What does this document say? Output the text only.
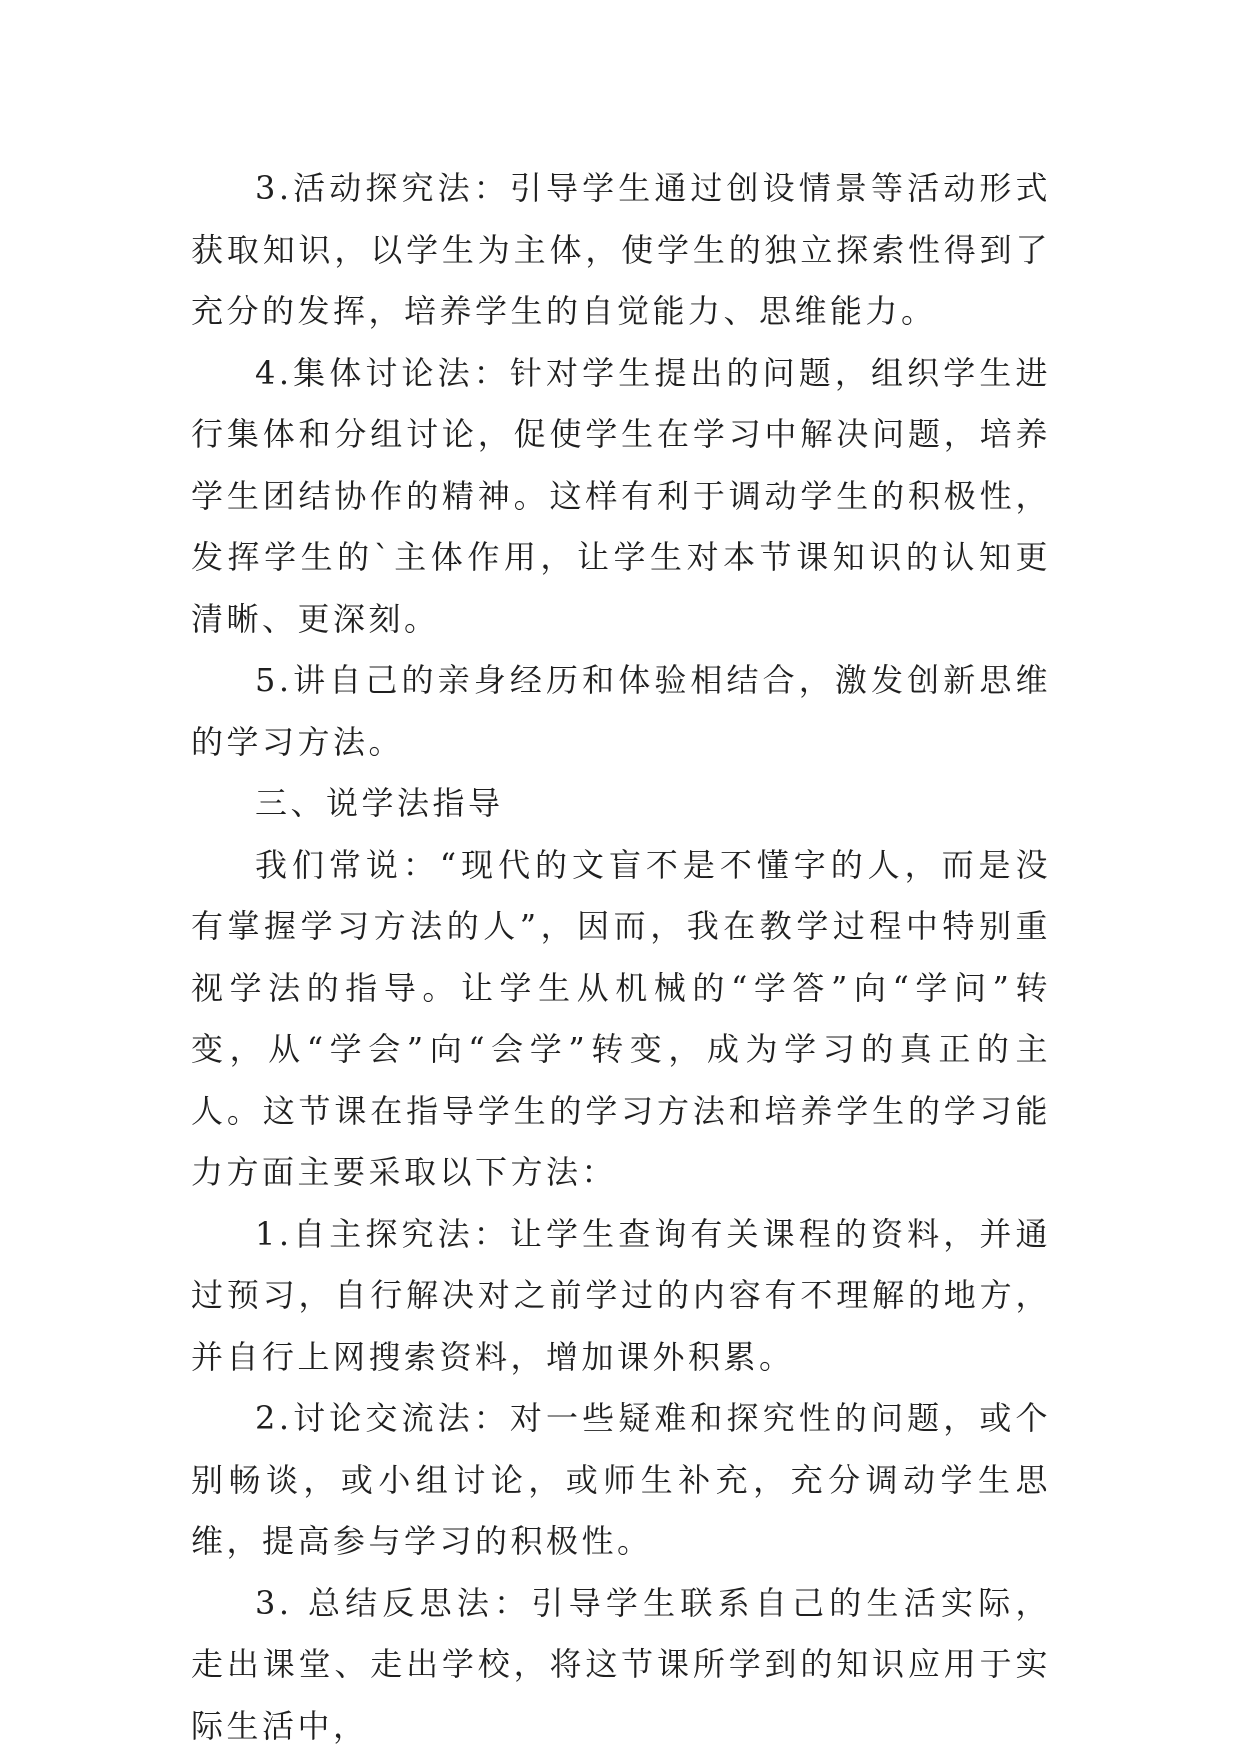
3.活动探究法：引导学生通过创设情景等活动形式获取知识，以学生为主体，使学生的独立探索性得到了充分的发挥，培养学生的自觉能力、思维能力。

4.集体讨论法：针对学生提出的问题，组织学生进行集体和分组讨论，促使学生在学习中解决问题，培养学生团结协作的精神。这样有利于调动学生的积极性，发挥学生的`主体作用，让学生对本节课知识的认知更清晰、更深刻。

5.讲自己的亲身经历和体验相结合，激发创新思维的学习方法。

三、说学法指导

我们常说：“现代的文盲不是不懂字的人，而是没有掌握学习方法的人”，因而，我在教学过程中特别重视学法的指导。让学生从机械的“学答”向“学问”转变，从“学会”向“会学”转变，成为学习的真正的主人。这节课在指导学生的学习方法和培养学生的学习能力方面主要采取以下方法：

1.自主探究法：让学生查询有关课程的资料，并通过预习，自行解决对之前学过的内容有不理解的地方，并自行上网搜索资料，增加课外积累。

2.讨论交流法：对一些疑难和探究性的问题，或个别畅谈，或小组讨论，或师生补充，充分调动学生思维，提高参与学习的积极性。

3. 总结反思法：引导学生联系自己的生活实际，走出课堂、走出学校，将这节课所学到的知识应用于实际生活中，
